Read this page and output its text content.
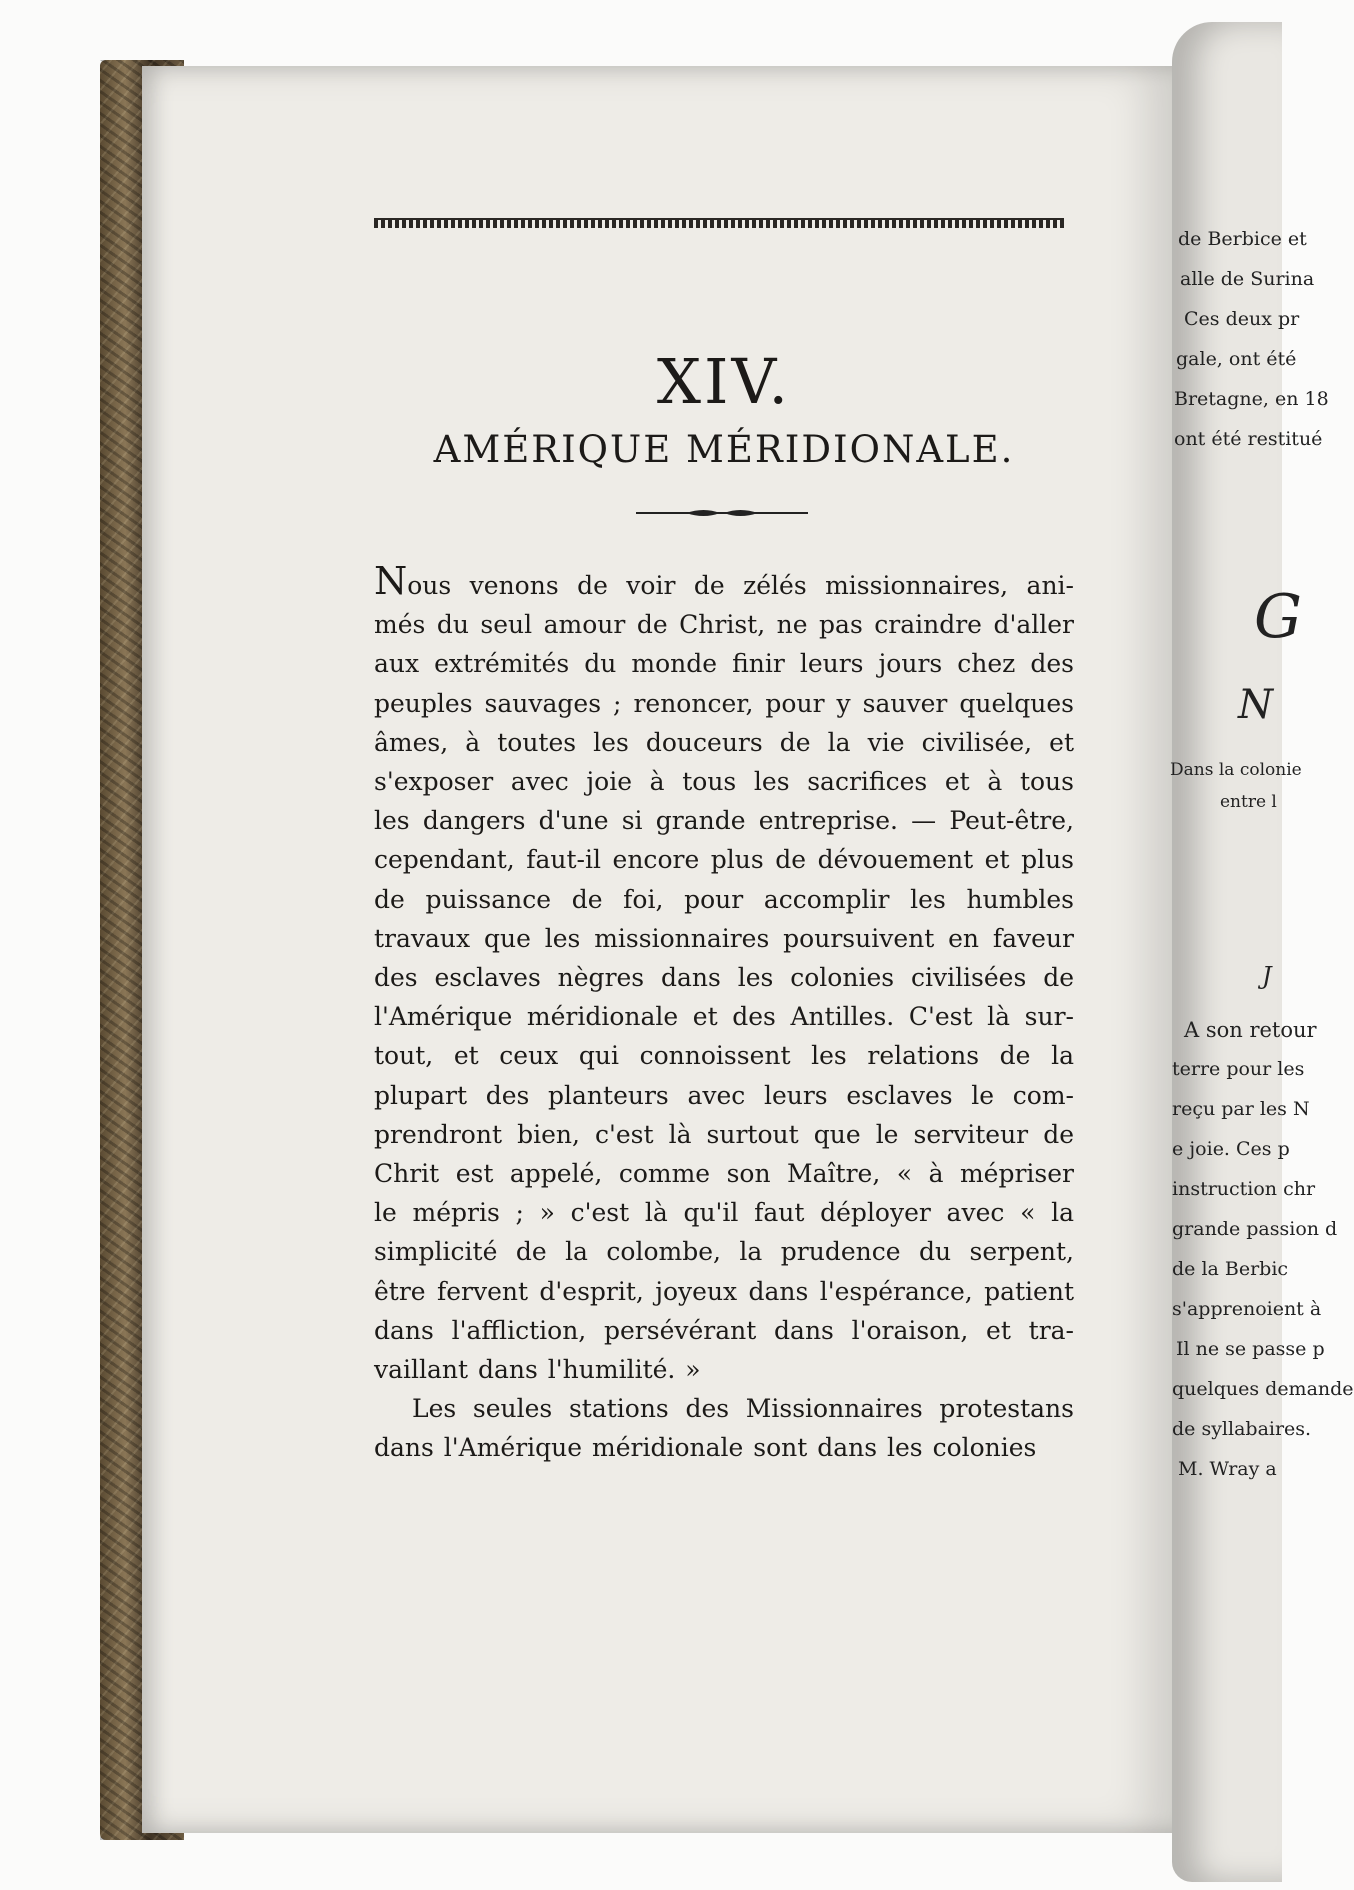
de Berbice et
alle de Surina
Ces deux pr
gale, ont été
Bretagne, en 18
ont été restitué
G
N
Dans la colonie
entre l
J
A son retour
terre pour les
reçu par les N
e joie. Ces p
instruction chr
grande passion d
de la Berbic
s'apprenoient à
Il ne se passe p
quelques demande
de syllabaires.
M. Wray a
XIV.
AMÉRIQUE MÉRIDIONALE.
Nous venons de voir de zélés missionnaires, ani-
més du seul amour de Christ, ne pas craindre d'aller
aux extrémités du monde finir leurs jours chez des
peuples sauvages ; renoncer, pour y sauver quelques
âmes, à toutes les douceurs de la vie civilisée, et
s'exposer avec joie à tous les sacrifices et à tous
les dangers d'une si grande entreprise. — Peut-être,
cependant, faut-il encore plus de dévouement et plus
de puissance de foi, pour accomplir les humbles
travaux que les missionnaires poursuivent en faveur
des esclaves nègres dans les colonies civilisées de
l'Amérique méridionale et des Antilles. C'est là sur-
tout, et ceux qui connoissent les relations de la
plupart des planteurs avec leurs esclaves le com-
prendront bien, c'est là surtout que le serviteur de
Chrit est appelé, comme son Maître, « à mépriser
le mépris ; » c'est là qu'il faut déployer avec « la
simplicité de la colombe, la prudence du serpent,
être fervent d'esprit, joyeux dans l'espérance, patient
dans l'affliction, persévérant dans l'oraison, et tra-
vaillant dans l'humilité. »
Les seules stations des Missionnaires protestans
dans l'Amérique méridionale sont dans les colonies
